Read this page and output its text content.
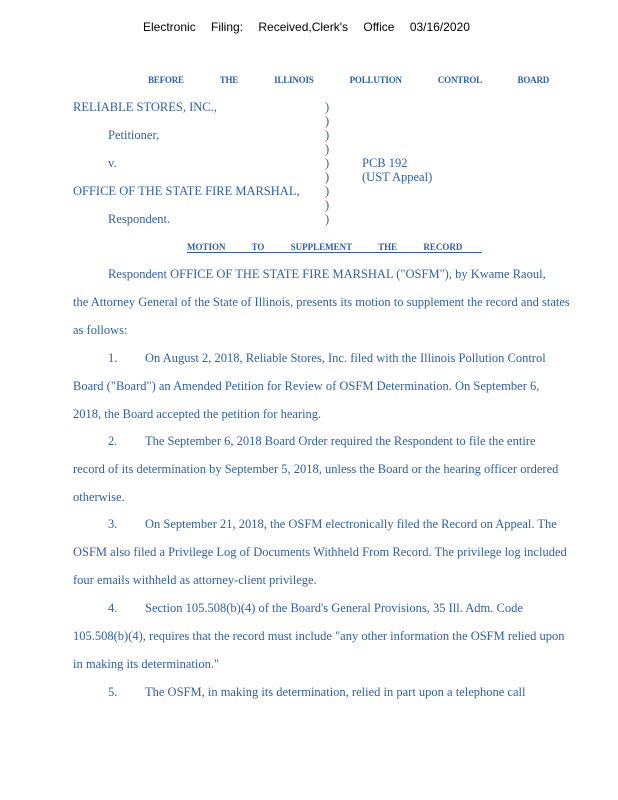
Electronic Filing: Received,Clerk's Office 03/16/2020
BEFORE THE ILLINOIS POLLUTION CONTROL BOARD
RELIABLE STORES, INC.,
Petitioner,
v.
OFFICE OF THE STATE FIRE MARSHAL,
Respondent.
)
)
)
)
)
)
)
)
)
PCB 192
(UST Appeal)
MOTION TO SUPPLEMENT THE RECORD
Respondent OFFICE OF THE STATE FIRE MARSHAL ("OSFM"), by Kwame Raoul,
the Attorney General of the State of Illinois, presents its motion to supplement the record and states
as follows:
1. On August 2, 2018, Reliable Stores, Inc. filed with the Illinois Pollution Control
Board ("Board") an Amended Petition for Review of OSFM Determination. On September 6,
2018, the Board accepted the petition for hearing.
2. The September 6, 2018 Board Order required the Respondent to file the entire
record of its determination by September 5, 2018, unless the Board or the hearing officer ordered
otherwise.
3. On September 21, 2018, the OSFM electronically filed the Record on Appeal. The
OSFM also filed a Privilege Log of Documents Withheld From Record. The privilege log included
four emails withheld as attorney-client privilege.
4. Section 105.508(b)(4) of the Board's General Provisions, 35 Ill. Adm. Code
105.508(b)(4), requires that the record must include "any other information the OSFM relied upon
in making its determination."
5. The OSFM, in making its determination, relied in part upon a telephone call
